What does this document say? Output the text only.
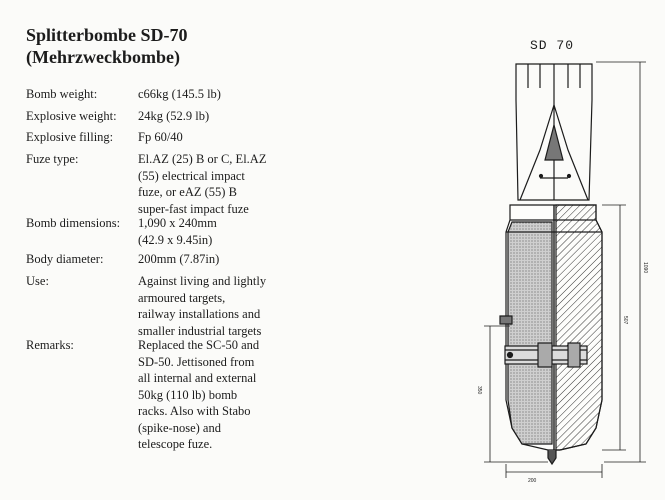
Splitterbombe SD-70
(Mehrzweckbombe)
Bomb weight:	c66kg (145.5 lb)
Explosive weight:	24kg (52.9 lb)
Explosive filling:	Fp 60/40
Fuze type:	El.AZ (25) B or C, El.AZ
(55) electrical impact
fuze, or eAZ (55) B
super-fast impact fuze
Bomb dimensions:	1,090 x 240mm
(42.9 x 9.45in)
Body diameter:	200mm (7.87in)
Use:	Against living and lightly
armoured targets,
railway installations and
smaller industrial targets
Remarks:	Replaced the SC-50 and
SD-50. Jettisoned from
all internal and external
50kg (110 lb) bomb
racks. Also with Stabo
(spike-nose) and
telescope fuze.
SD 70
1090
507
350
200
